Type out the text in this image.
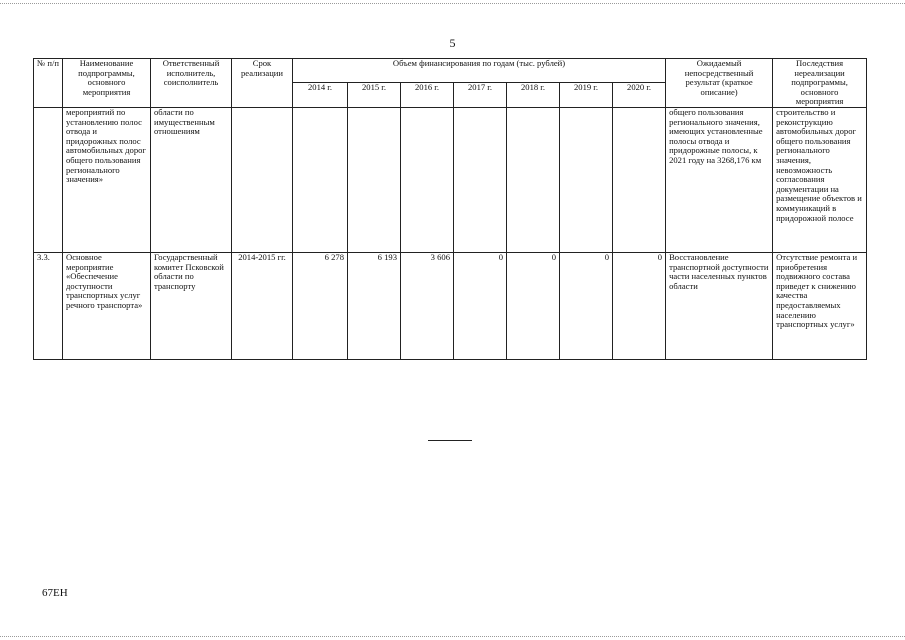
5
№ п/п	Наименование подпрограммы, основного мероприятия	Ответственный исполнитель, соисполнитель	Срок реализации	Объем финансирования по годам (тыс. рублей)							Ожидаемый непосредственный результат (краткое описание)	Последствия нереализации подпрограммы, основного мероприятия
				2014 г.	2015 г.	2016 г.	2017 г.	2018 г.	2019 г.	2020 г.		
	мероприятий по установлению полос отвода и придорожных полос автомобильных дорог общего пользования регионального значения»	области по имущественным отношениям									общего пользования регионального значения, имеющих установленные полосы отвода и придорожные полосы, к 2021 году на 3268,176 км	строительство и реконструкцию автомобильных дорог общего пользования регионального значения, невозможность согласования документации на размещение объектов и коммуникаций в придорожной полосе
3.3.	Основное мероприятие «Обеспечение доступности транспортных услуг речного транспорта»	Государственный комитет Псковской области по транспорту	2014-2015 гг.	6 278	6 193	3 606	0	0	0	0	Восстановление транспортной доступности части населенных пунктов области	Отсутствие ремонта и приобретения подвижного состава приведет к снижению качества предоставляемых населению транспортных услуг»
67ЕН
